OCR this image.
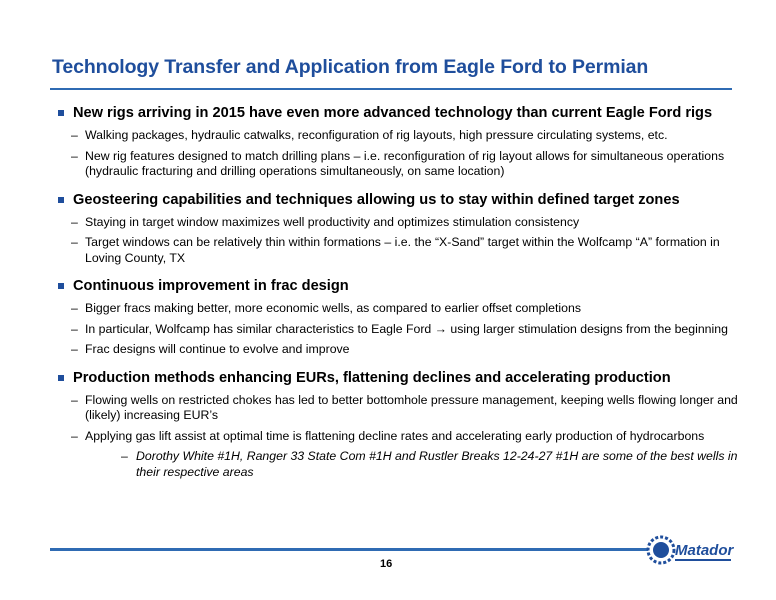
Technology Transfer and Application from Eagle Ford to Permian
New rigs arriving in 2015 have even more advanced technology than current Eagle Ford rigs
– Walking packages, hydraulic catwalks, reconfiguration of rig layouts, high pressure circulating systems, etc.
– New rig features designed to match drilling plans – i.e. reconfiguration of rig layout allows for simultaneous operations (hydraulic fracturing and drilling operations simultaneously, on same location)
Geosteering capabilities and techniques allowing us to stay within defined target zones
– Staying in target window maximizes well productivity and optimizes stimulation consistency
– Target windows can be relatively thin within formations – i.e. the “X-Sand” target within the Wolfcamp “A” formation in Loving County, TX
Continuous improvement in frac design
– Bigger fracs making better, more economic wells, as compared to earlier offset completions
– In particular, Wolfcamp has similar characteristics to Eagle Ford → using larger stimulation designs from the beginning
– Frac designs will continue to evolve and improve
Production methods enhancing EURs, flattening declines and accelerating production
– Flowing wells on restricted chokes has led to better bottomhole pressure management, keeping wells flowing longer and (likely) increasing EUR’s
– Applying gas lift assist at optimal time is flattening decline rates and accelerating early production of hydrocarbons
– Dorothy White #1H, Ranger 33 State Com #1H and Rustler Breaks 12-24-27 #1H are some of the best wells in their respective areas
16
Matador
